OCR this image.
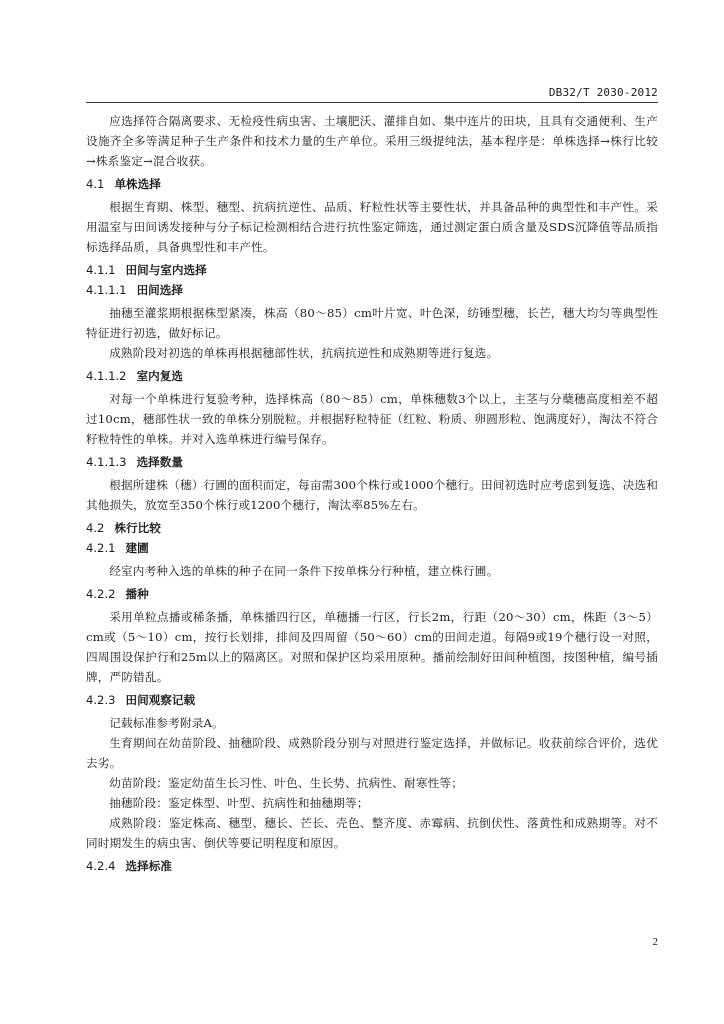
DB32/T 2030-2012

应选择符合隔离要求、无检疫性病虫害、土壤肥沃、灌排自如、集中连片的田块，且具有交通便利、生产设施齐全多等满足种子生产条件和技术力量的生产单位。采用三级提纯法，基本程序是：单株选择→株行比较→株系鉴定→混合收获。

4.1 单株选择

根据生育期、株型、穗型、抗病抗逆性、品质、籽粒性状等主要性状，并具备品种的典型性和丰产性。采用温室与田间诱发接种与分子标记检测相结合进行抗性鉴定筛选，通过测定蛋白质含量及SDS沉降值等品质指标选择品质，具备典型性和丰产性。

4.1.1 田间与室内选择
4.1.1.1 田间选择

抽穗至灌浆期根据株型紧凑，株高（80～85）cm叶片宽、叶色深，纺锤型穗，长芒，穗大均匀等典型性特征进行初选，做好标记。

成熟阶段对初选的单株再根据穗部性状，抗病抗逆性和成熟期等进行复选。

4.1.1.2 室内复选

对每一个单株进行复验考种，选择株高（80～85）cm，单株穗数3个以上，主茎与分蘖穗高度相差不超过10cm，穗部性状一致的单株分别脱粒。并根据籽粒特征（红粒、粉质、卵圆形粒、饱满度好），淘汰不符合籽粒特性的单株。并对入选单株进行编号保存。

4.1.1.3 选择数量

根据所建株（穗）行圃的面积而定，每亩需300个株行或1000个穗行。田间初选时应考虑到复选、决选和其他损失，放宽至350个株行或1200个穗行，淘汰率85%左右。

4.2 株行比较
4.2.1 建圃

经室内考种入选的单株的种子在同一条件下按单株分行种植，建立株行圃。

4.2.2 播种

采用单粒点播或稀条播，单株播四行区，单穗播一行区，行长2m，行距（20～30）cm，株距（3～5）cm或（5～10）cm，按行长划排，排间及四周留（50～60）cm的田间走道。每隔9或19个穗行设一对照，四周围设保护行和25m以上的隔离区。对照和保护区均采用原种。播前绘制好田间种植图，按图种植，编号插牌，严防错乱。

4.2.3 田间观察记载

记载标准参考附录A。

生育期间在幼苗阶段、抽穗阶段、成熟阶段分别与对照进行鉴定选择，并做标记。收获前综合评价，选优去劣。

幼苗阶段：鉴定幼苗生长习性、叶色、生长势、抗病性、耐寒性等；

抽穗阶段：鉴定株型、叶型、抗病性和抽穗期等；

成熟阶段：鉴定株高、穗型、穗长、芒长、壳色、整齐度、赤霉病、抗倒伏性、落黄性和成熟期等。对不同时期发生的病虫害、倒伏等要记明程度和原因。

4.2.4 选择标准
2
